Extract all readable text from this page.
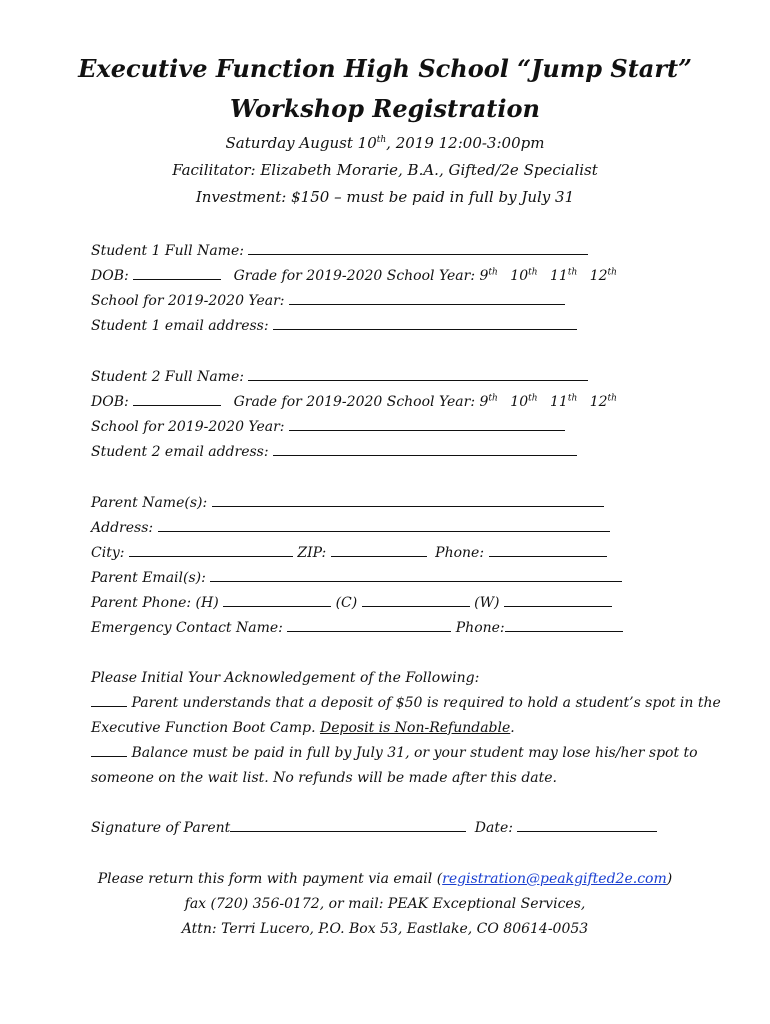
Executive Function High School “Jump Start”
Workshop Registration
Saturday August 10th, 2019 12:00-3:00pm
Facilitator: Elizabeth Morarie, B.A., Gifted/2e Specialist
Investment: $150 – must be paid in full by July 31
Student 1 Full Name:
DOB:	Grade for 2019-2020 School Year: 9th 10th 11th 12th
School for 2019-2020 Year:
Student 1 email address:
Student 2 Full Name:
DOB:	Grade for 2019-2020 School Year: 9th 10th 11th 12th
School for 2019-2020 Year:
Student 2 email address:
Parent Name(s):
Address:
City:	ZIP:	Phone:
Parent Email(s):
Parent Phone: (H)	(C)	(W)
Emergency Contact Name:	Phone:
Please Initial Your Acknowledgement of the Following:
Parent understands that a deposit of $50 is required to hold a student’s spot in the
Executive Function Boot Camp. Deposit is Non-Refundable.
Balance must be paid in full by July 31, or your student may lose his/her spot to
someone on the wait list. No refunds will be made after this date.
Signature of Parent	Date:
Please return this form with payment via email (registration@peakgifted2e.com)
fax (720) 356-0172, or mail: PEAK Exceptional Services,
Attn: Terri Lucero, P.O. Box 53, Eastlake, CO 80614-0053
